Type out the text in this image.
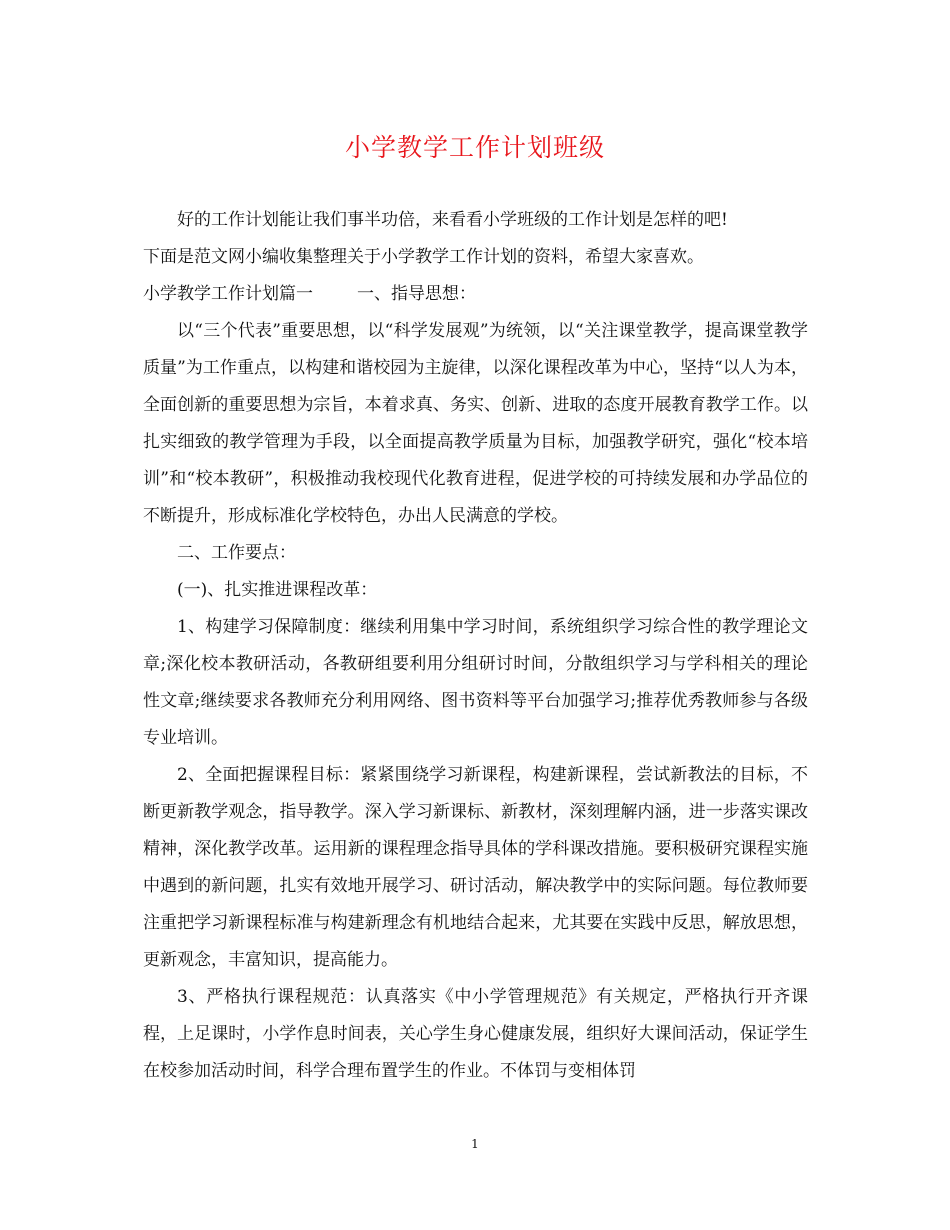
小学教学工作计划班级

好的工作计划能让我们事半功倍，来看看小学班级的工作计划是怎样的吧!

下面是范文网小编收集整理关于小学教学工作计划的资料，希望大家喜欢。

小学教学工作计划篇一	一、指导思想：

以“三个代表”重要思想，以“科学发展观”为统领，以“关注课堂教学，提高课堂教学质量”为工作重点，以构建和谐校园为主旋律，以深化课程改革为中心，坚持“以人为本，全面创新的重要思想为宗旨，本着求真、务实、创新、进取的态度开展教育教学工作。以扎实细致的教学管理为手段，以全面提高教学质量为目标，加强教学研究，强化“校本培训”和“校本教研”，积极推动我校现代化教育进程，促进学校的可持续发展和办学品位的不断提升，形成标准化学校特色，办出人民满意的学校。

二、工作要点：

(一)、扎实推进课程改革：

1、构建学习保障制度：继续利用集中学习时间，系统组织学习综合性的教学理论文章;深化校本教研活动，各教研组要利用分组研讨时间，分散组织学习与学科相关的理论性文章;继续要求各教师充分利用网络、图书资料等平台加强学习;推荐优秀教师参与各级专业培训。

2、全面把握课程目标：紧紧围绕学习新课程，构建新课程，尝试新教法的目标，不断更新教学观念，指导教学。深入学习新课标、新教材，深刻理解内涵，进一步落实课改精神，深化教学改革。运用新的课程理念指导具体的学科课改措施。要积极研究课程实施中遇到的新问题，扎实有效地开展学习、研讨活动，解决教学中的实际问题。每位教师要注重把学习新课程标准与构建新理念有机地结合起来，尤其要在实践中反思，解放思想，更新观念，丰富知识，提高能力。

3、严格执行课程规范：认真落实《中小学管理规范》有关规定，严格执行开齐课程，上足课时，小学作息时间表，关心学生身心健康发展，组织好大课间活动，保证学生在校参加活动时间，科学合理布置学生的作业。不体罚与变相体罚

1
